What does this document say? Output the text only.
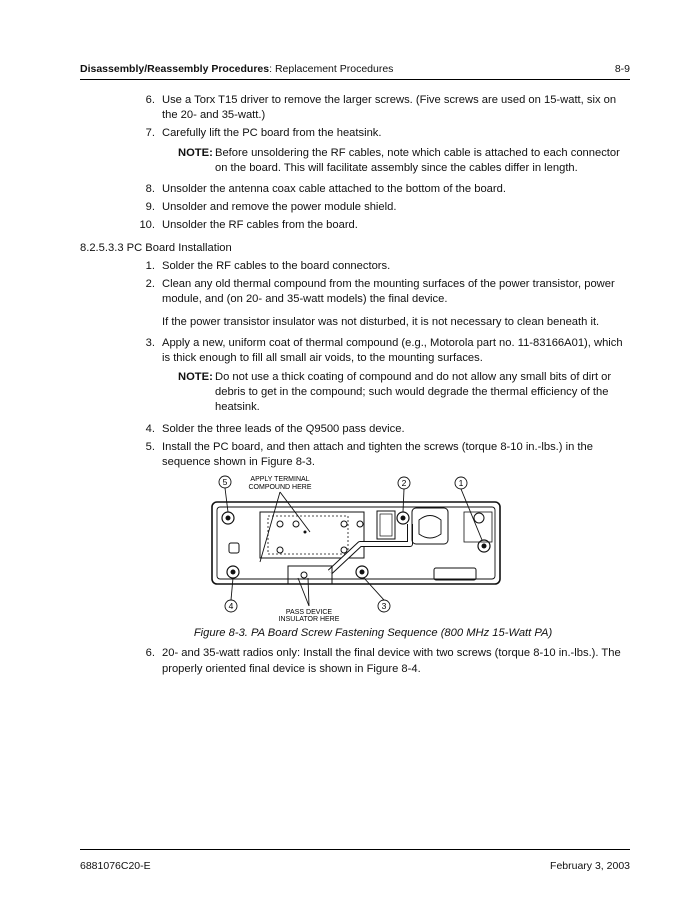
Disassembly/Reassembly Procedures: Replacement Procedures	8-9
6. Use a Torx T15 driver to remove the larger screws. (Five screws are used on 15-watt, six on the 20- and 35-watt.)
7. Carefully lift the PC board from the heatsink.
NOTE: Before unsoldering the RF cables, note which cable is attached to each connector on the board. This will facilitate assembly since the cables differ in length.
8. Unsolder the antenna coax cable attached to the bottom of the board.
9. Unsolder and remove the power module shield.
10. Unsolder the RF cables from the board.
8.2.5.3.3 PC Board Installation
1. Solder the RF cables to the board connectors.
2. Clean any old thermal compound from the mounting surfaces of the power transistor, power module, and (on 20- and 35-watt models) the final device.
If the power transistor insulator was not disturbed, it is not necessary to clean beneath it.
3. Apply a new, uniform coat of thermal compound (e.g., Motorola part no. 11-83166A01), which is thick enough to fill all small air voids, to the mounting surfaces.
NOTE: Do not use a thick coating of compound and do not allow any small bits of dirt or debris to get in the compound; such would degrade the thermal efficiency of the heatsink.
4. Solder the three leads of the Q9500 pass device.
5. Install the PC board, and then attach and tighten the screws (torque 8-10 in.-lbs.) in the sequence shown in Figure 8-3.
5	2	1
4	3
APPLY TERMINAL
COMPOUND HERE
PASS DEVICE
INSULATOR HERE
Figure 8-3. PA Board Screw Fastening Sequence (800 MHz 15-Watt PA)
6. 20- and 35-watt radios only: Install the final device with two screws (torque 8-10 in.-lbs.). The properly oriented final device is shown in Figure 8-4.
6881076C20-E	February 3, 2003
